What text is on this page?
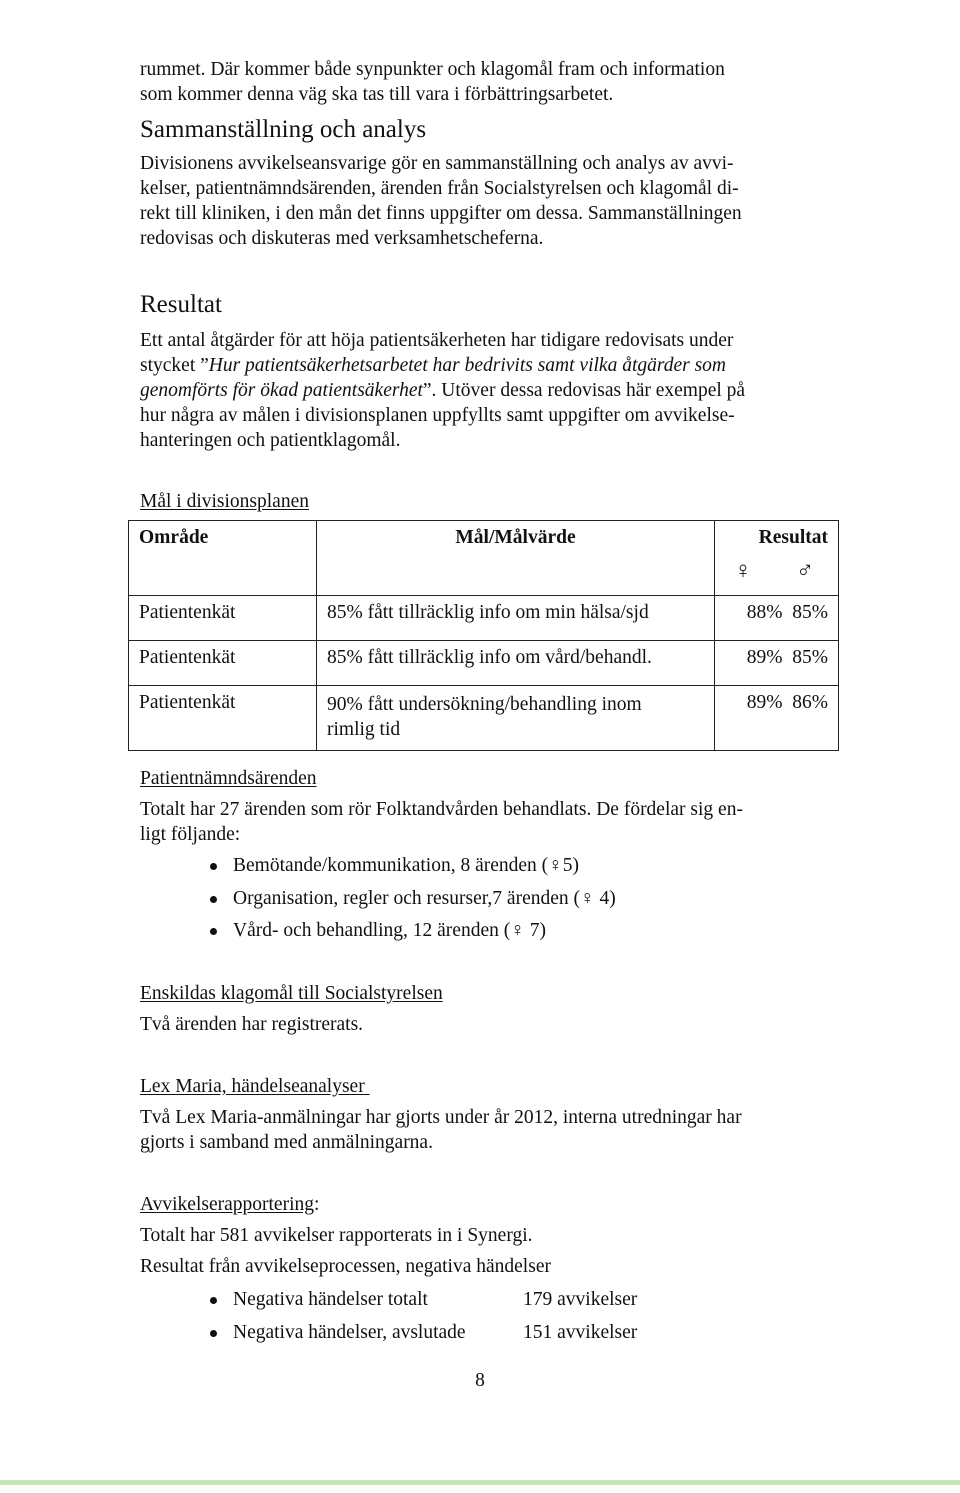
rummet. Där kommer både synpunkter och klagomål fram och information

som kommer denna väg ska tas till vara i förbättringsarbetet.

Sammanställning och analys

Divisionens avvikelseansvarige gör en sammanställning och analys av avvi-

kelser, patientnämndsärenden, ärenden från Socialstyrelsen och klagomål di-

rekt till kliniken, i den mån det finns uppgifter om dessa. Sammanställningen

redovisas och diskuteras med verksamhetscheferna.

Resultat

Ett antal åtgärder för att höja patientsäkerheten har tidigare redovisats under

stycket ”Hur patientsäkerhetsarbetet har bedrivits samt vilka åtgärder som

genomförts för ökad patientsäkerhet”. Utöver dessa redovisas här exempel på

hur några av målen i divisionsplanen uppfyllts samt uppgifter om avvikelse-

hanteringen och patientklagomål.

Mål i divisionsplanen

Område	Mål/Målvärde	Resultat
♀ ♂

Patientenkät	85% fått tillräcklig info om min hälsa/sjd	88% 85%
Patientenkät	85% fått tillräcklig info om vård/behandl.	89% 85%
Patientenkät	90% fått undersökning/behandling inom
rimlig tid	89% 86%

Patientnämndsärenden

Totalt har 27 ärenden som rör Folktandvården behandlats. De fördelar sig en-

ligt följande:

Bemötande/kommunikation, 8 ärenden (♀5)
Organisation, regler och resurser,7 ärenden (♀ 4)
Vård- och behandling, 12 ärenden (♀ 7)

Enskildas klagomål till Socialstyrelsen

Två ärenden har registrerats.

Lex Maria, händelseanalyser

Två Lex Maria-anmälningar har gjorts under år 2012, interna utredningar har

gjorts i samband med anmälningarna.

Avvikelserapportering:

Totalt har 581 avvikelser rapporterats in i Synergi.

Resultat från avvikelseprocessen, negativa händelser

Negativa händelser totalt	179 avvikelser
Negativa händelser, avslutade	151 avvikelser
8
